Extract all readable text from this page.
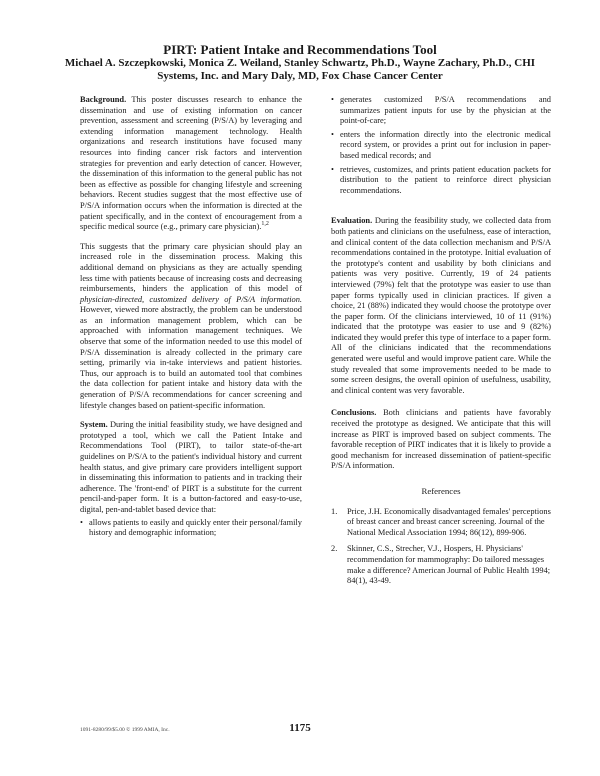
PIRT: Patient Intake and Recommendations Tool
Michael A. Szczepkowski, Monica Z. Weiland, Stanley Schwartz, Ph.D., Wayne Zachary, Ph.D., CHI Systems, Inc. and Mary Daly, MD, Fox Chase Cancer Center

Background. This poster discusses research to enhance the dissemination and use of existing information on cancer prevention, assessment and screening (P/S/A) by leveraging and extending information management technology. Health organizations and research institutions have focused many resources into finding cancer risk factors and intervention strategies for prevention and early detection of cancer. However, the dissemination of this information to the general public has not been as effective as possible for changing lifestyle and screening behaviors. Recent studies suggest that the most effective use of P/S/A information occurs when the information is directed at the patient specifically, and in the context of encouragement from a specific medical source (e.g., primary care physician).$^{1,2}$

This suggests that the primary care physician should play an increased role in the dissemination process. Making this additional demand on physicians as they are actually spending less time with patients because of increasing costs and decreasing reimbursements, hinders the application of this model of physician-directed, customized delivery of P/S/A information. However, viewed more abstractly, the problem can be understood as an information management problem, which can be approached with information management techniques. We observe that some of the information needed to use this model of P/S/A dissemination is already collected in the primary care setting, primarily via in-take interviews and patient histories. Thus, our approach is to build an automated tool that combines the data collection for patient intake and history data with the generation of P/S/A recommendations for cancer screening and lifestyle changes based on patient-specific information.

System. During the initial feasibility study, we have designed and prototyped a tool, which we call the Patient Intake and Recommendations Tool (PIRT), to tailor state-of-the-art guidelines on P/S/A to the patient's individual history and current health status, and give primary care providers intelligent support in disseminating this information to patients and in tracking their adherence. The 'front-end' of PIRT is a substitute for the current pencil-and-paper form. It is a button-factored and easy-to-use, digital, pen-and-tablet based device that:

• allows patients to easily and quickly enter their personal/family history and demographic information;
• generates customized P/S/A recommendations and summarizes patient inputs for use by the physician at the point-of-care;
• enters the information directly into the electronic medical record system, or provides a print out for inclusion in paper-based medical records; and
• retrieves, customizes, and prints patient education packets for distribution to the patient to reinforce direct physician recommendations.

Evaluation. During the feasibility study, we collected data from both patients and clinicians on the usefulness, ease of interaction, and clinical content of the data collection mechanism and P/S/A recommendations contained in the prototype. Initial evaluation of the prototype's content and usability by both clinicians and patients was very positive. Currently, 19 of 24 patients interviewed (79%) felt that the prototype was easier to use than paper forms typically used in clinician practices. If given a choice, 21 (88%) indicated they would choose the prototype over the paper form. Of the clinicians interviewed, 10 of 11 (91%) indicated that the prototype was easier to use and 9 (82%) indicated they would prefer this type of interface to a paper form. All of the clinicians indicated that the recommendations generated were useful and would improve patient care. While the study revealed that some improvements needed to be made to some screen designs, the overall opinion of usefulness, usability, and clinical content was very favorable.

Conclusions. Both clinicians and patients have favorably received the prototype as designed. We anticipate that this will increase as PIRT is improved based on subject comments. The favorable reception of PIRT indicates that it is likely to provide a good mechanism for increased dissemination of patient-specific P/S/A information.

References
1. Price, J.H. Economically disadvantaged females' perceptions of breast cancer and breast cancer screening. Journal of the National Medical Association 1994; 86(12), 899-906.
2. Skinner, C.S., Strecher, V.J., Hospers, H. Physicians' recommendation for mammography: Do tailored messages make a difference? American Journal of Public Health 1994; 84(1), 43-49.
1091-8280/99/$5.00 © 1999 AMIA, Inc.	1175
